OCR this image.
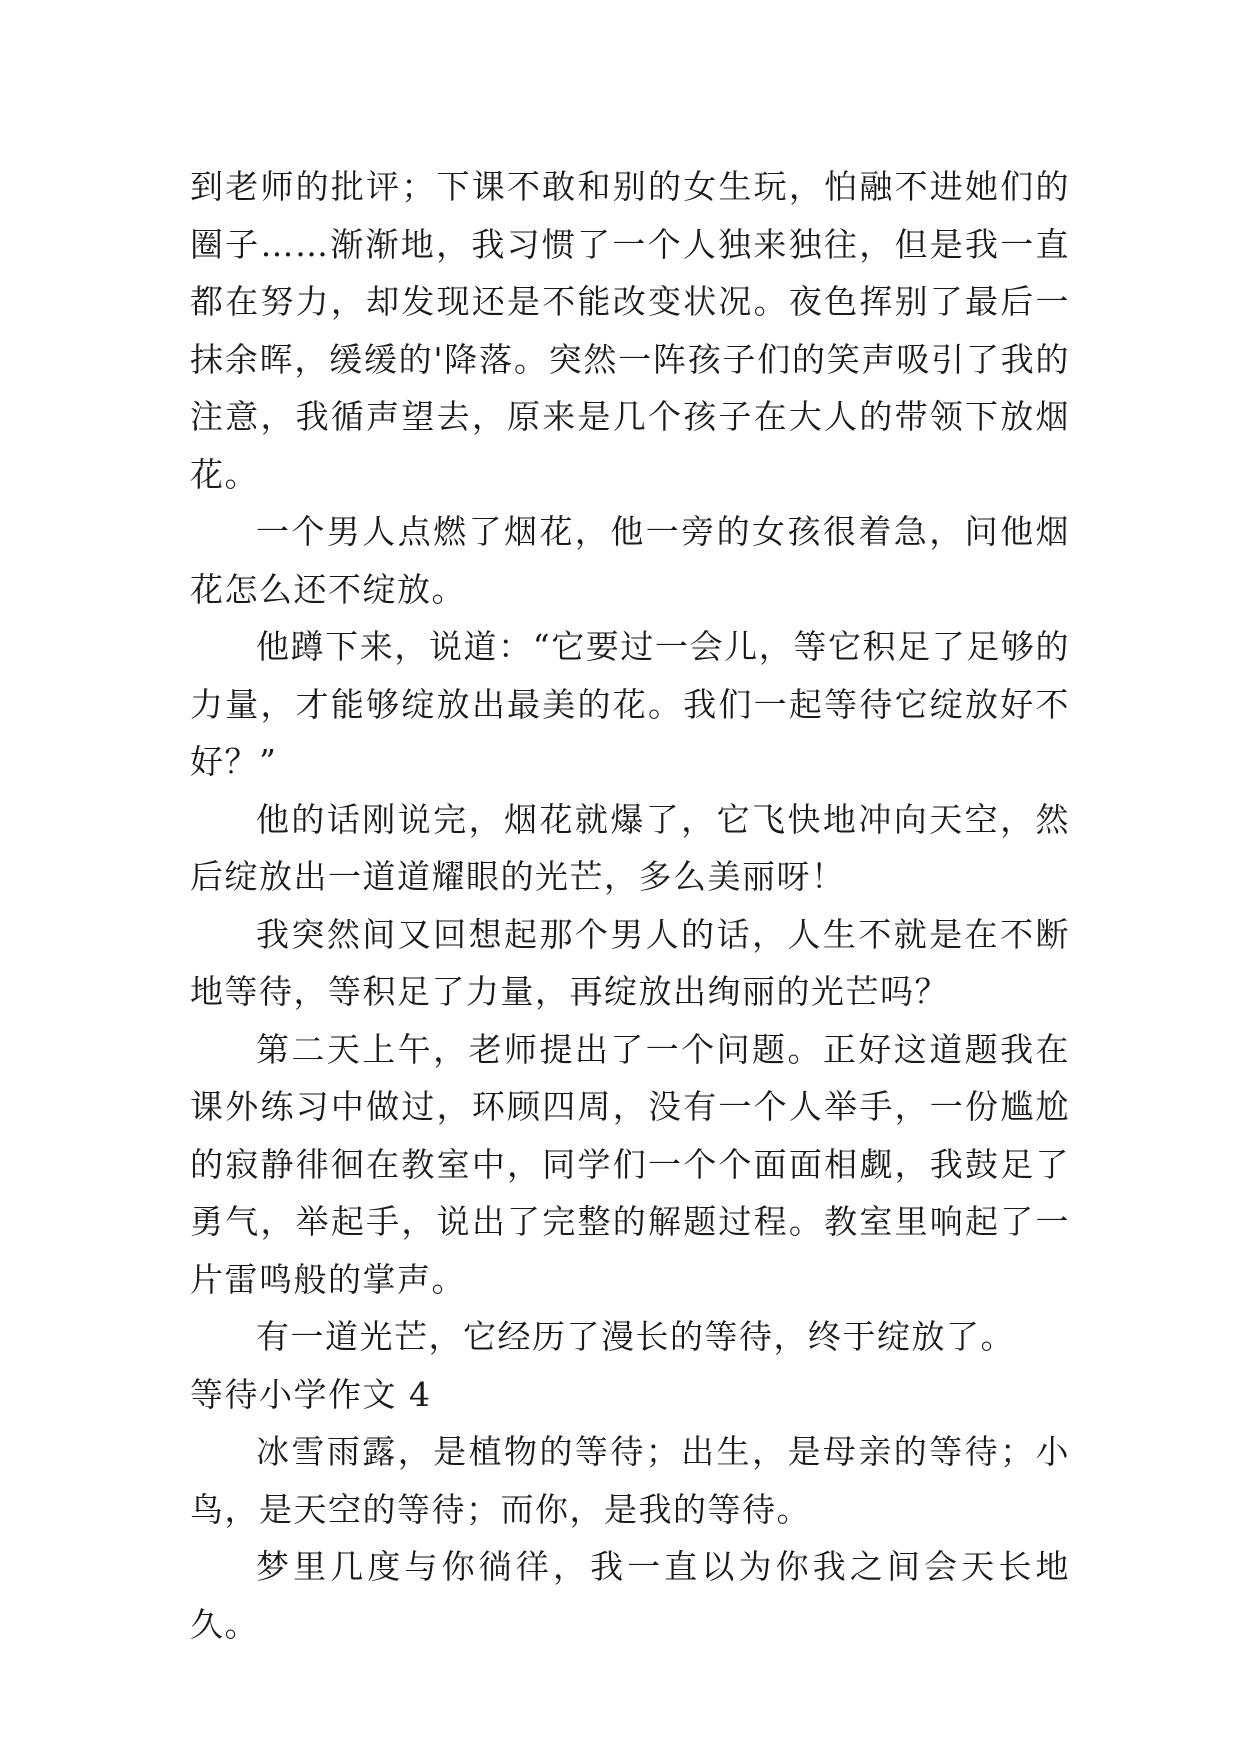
到老师的批评；下课不敢和别的女生玩，怕融不进她们的圈子……渐渐地，我习惯了一个人独来独往，但是我一直都在努力，却发现还是不能改变状况。夜色挥别了最后一抹余晖，缓缓的'降落。突然一阵孩子们的笑声吸引了我的注意，我循声望去，原来是几个孩子在大人的带领下放烟花。

一个男人点燃了烟花，他一旁的女孩很着急，问他烟花怎么还不绽放。

他蹲下来，说道：“它要过一会儿，等它积足了足够的力量，才能够绽放出最美的花。我们一起等待它绽放好不好？”

他的话刚说完，烟花就爆了，它飞快地冲向天空，然后绽放出一道道耀眼的光芒，多么美丽呀！

我突然间又回想起那个男人的话，人生不就是在不断地等待，等积足了力量，再绽放出绚丽的光芒吗？

第二天上午，老师提出了一个问题。正好这道题我在课外练习中做过，环顾四周，没有一个人举手，一份尴尬的寂静徘徊在教室中，同学们一个个面面相觑，我鼓足了勇气，举起手，说出了完整的解题过程。教室里响起了一片雷鸣般的掌声。

有一道光芒，它经历了漫长的等待，终于绽放了。

等待小学作文 4

冰雪雨露，是植物的等待；出生，是母亲的等待；小鸟，是天空的等待；而你，是我的等待。

梦里几度与你徜徉，我一直以为你我之间会天长地久。
